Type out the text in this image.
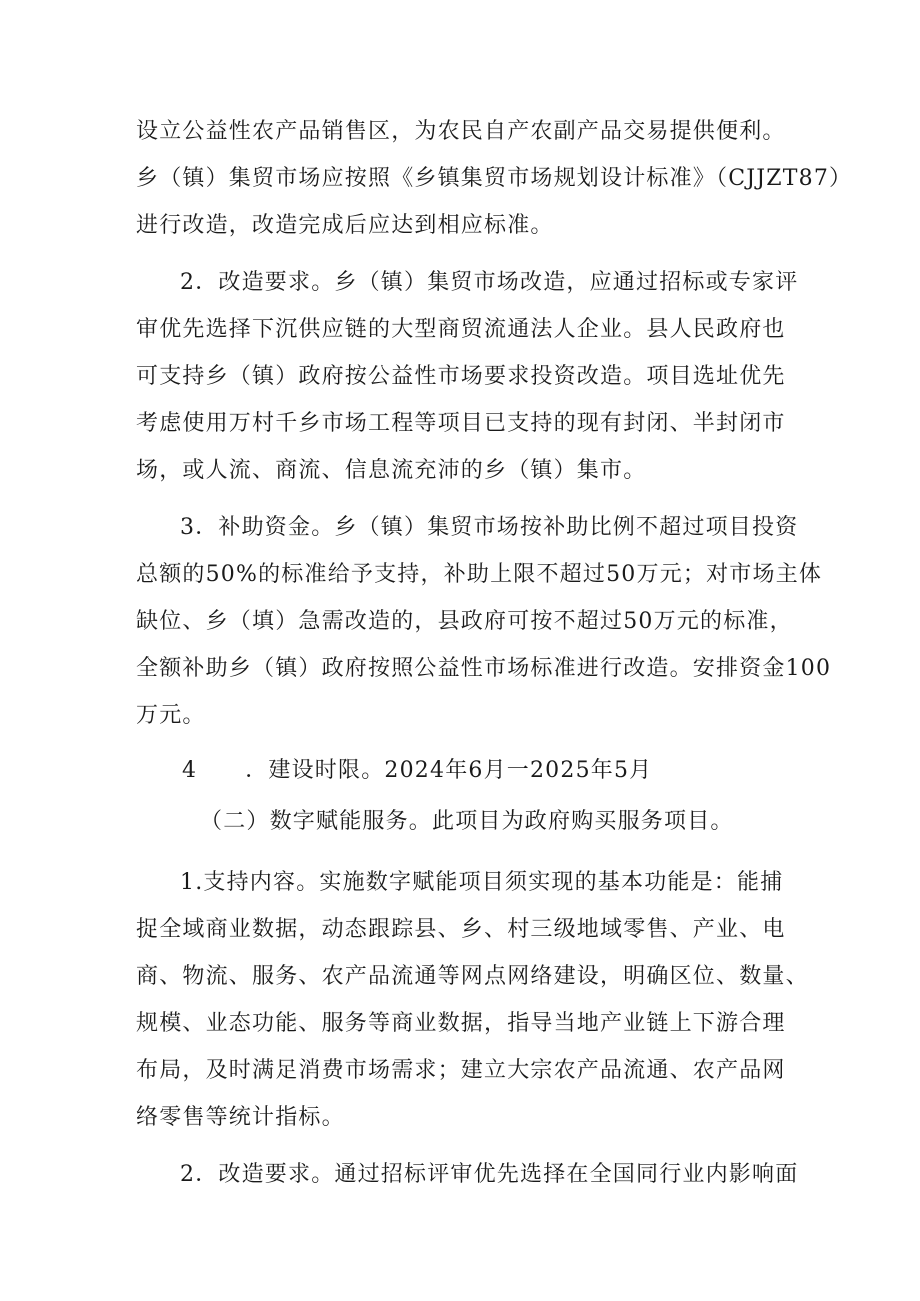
设立公益性农产品销售区，为农民自产农副产品交易提供便利。
乡（镇）集贸市场应按照《乡镇集贸市场规划设计标准》（CJJZT87）
进行改造，改造完成后应达到相应标准。
2．改造要求。乡（镇）集贸市场改造，应通过招标或专家评
审优先选择下沉供应链的大型商贸流通法人企业。县人民政府也
可支持乡（镇）政府按公益性市场要求投资改造。项目选址优先
考虑使用万村千乡市场工程等项目已支持的现有封闭、半封闭市
场，或人流、商流、信息流充沛的乡（镇）集市。
3．补助资金。乡（镇）集贸市场按补助比例不超过项目投资
总额的50%的标准给予支持，补助上限不超过50万元；对市场主体
缺位、乡（填）急需改造的，县政府可按不超过50万元的标准，
全额补助乡（镇）政府按照公益性市场标准进行改造。安排资金100
万元。
4 ．建设时限。2024年6月一2025年5月
（二）数字赋能服务。此项目为政府购买服务项目。
1.支持内容。实施数字赋能项目须实现的基本功能是：能捕
捉全域商业数据，动态跟踪县、乡、村三级地域零售、产业、电
商、物流、服务、农产品流通等网点网络建设，明确区位、数量、
规模、业态功能、服务等商业数据，指导当地产业链上下游合理
布局，及时满足消费市场需求；建立大宗农产品流通、农产品网
络零售等统计指标。
2．改造要求。通过招标评审优先选择在全国同行业内影响面
